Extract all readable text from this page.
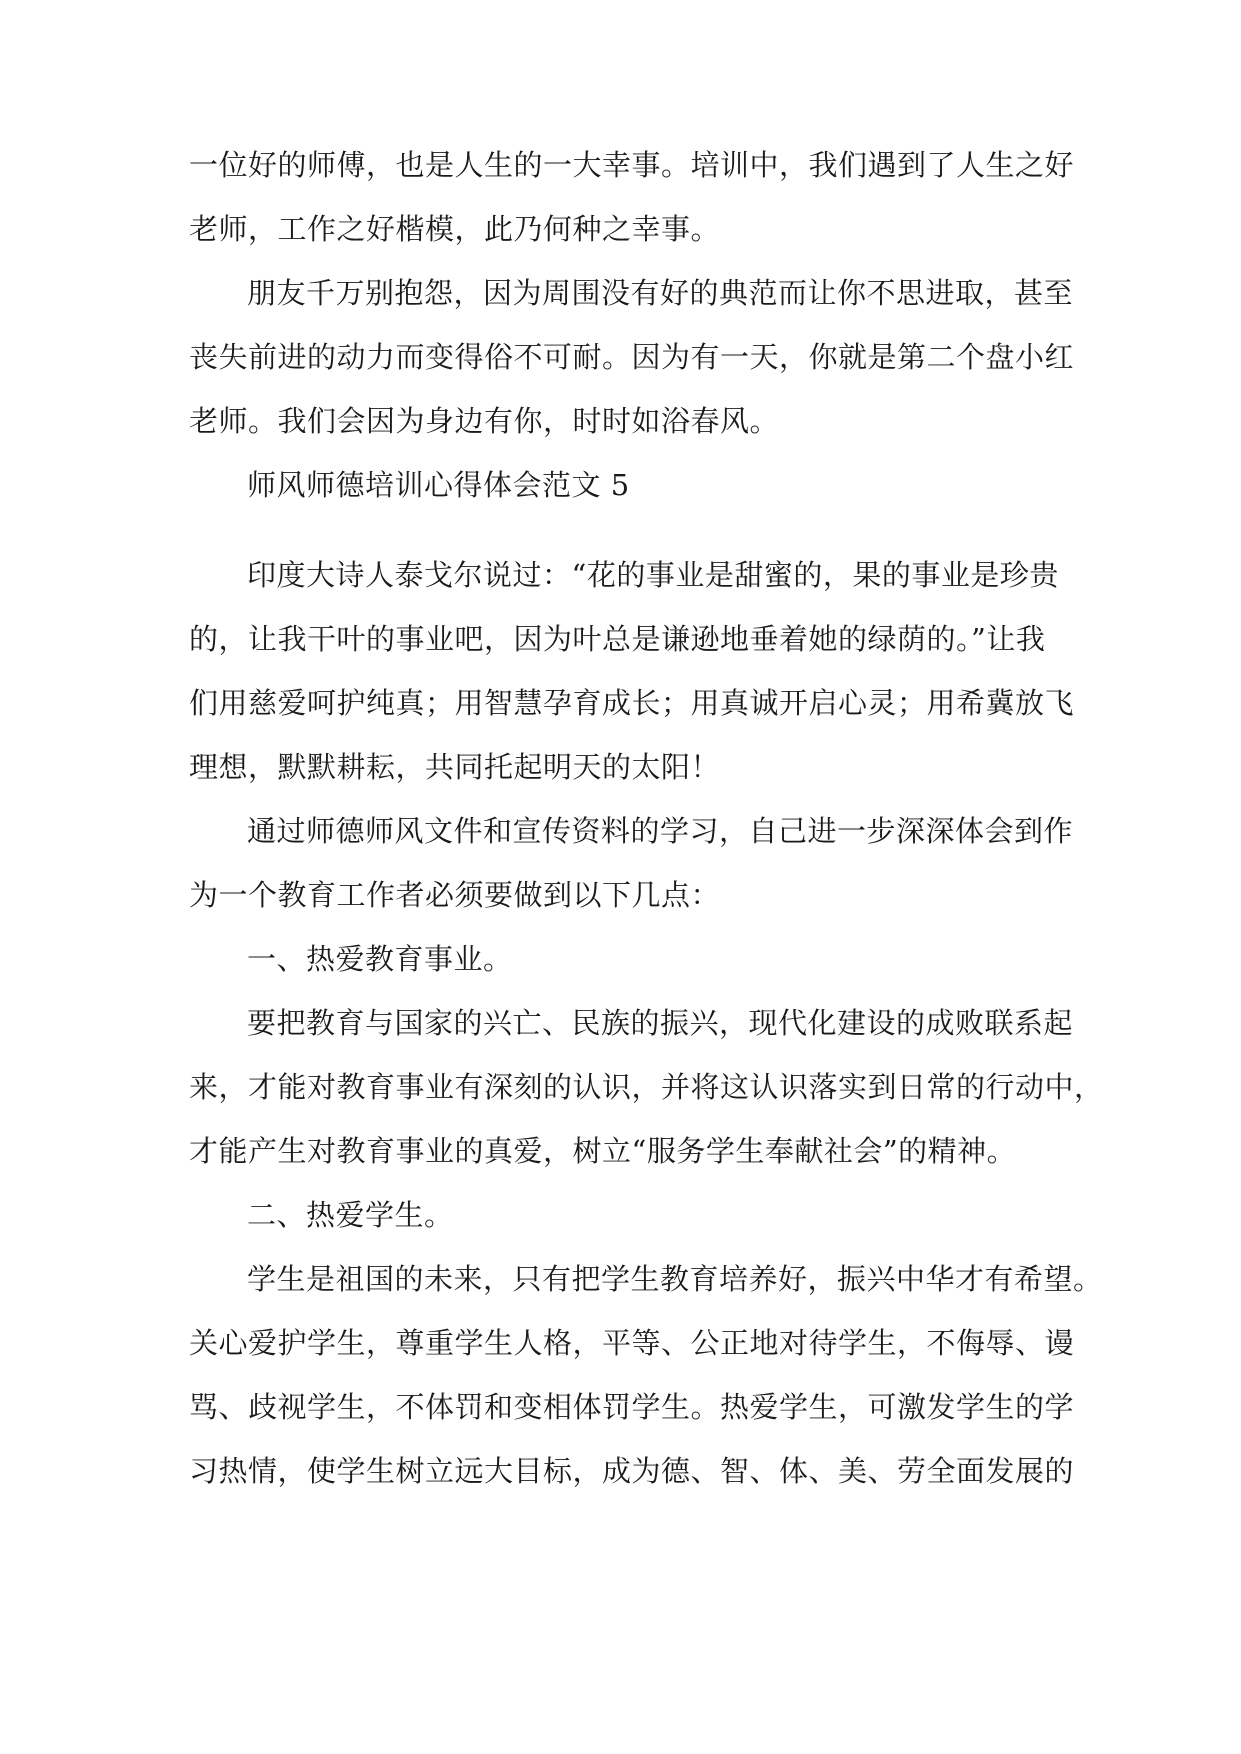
一位好的师傅，也是人生的一大幸事。培训中，我们遇到了人生之好
老师，工作之好楷模，此乃何种之幸事。
朋友千万别抱怨，因为周围没有好的典范而让你不思进取，甚至
丧失前进的动力而变得俗不可耐。因为有一天，你就是第二个盘小红
老师。我们会因为身边有你，时时如浴春风。
师风师德培训心得体会范文 5
印度大诗人泰戈尔说过：“花的事业是甜蜜的，果的事业是珍贵
的，让我干叶的事业吧，因为叶总是谦逊地垂着她的绿荫的。”让我
们用慈爱呵护纯真；用智慧孕育成长；用真诚开启心灵；用希冀放飞
理想，默默耕耘，共同托起明天的太阳！
通过师德师风文件和宣传资料的学习，自己进一步深深体会到作
为一个教育工作者必须要做到以下几点：
一、热爱教育事业。
要把教育与国家的兴亡、民族的振兴，现代化建设的成败联系起
来，才能对教育事业有深刻的认识，并将这认识落实到日常的行动中，
才能产生对教育事业的真爱，树立“服务学生奉献社会”的精神。
二、热爱学生。
学生是祖国的未来，只有把学生教育培养好，振兴中华才有希望。
关心爱护学生，尊重学生人格，平等、公正地对待学生，不侮辱、谩
骂、歧视学生，不体罚和变相体罚学生。热爱学生，可激发学生的学
习热情，使学生树立远大目标，成为德、智、体、美、劳全面发展的
